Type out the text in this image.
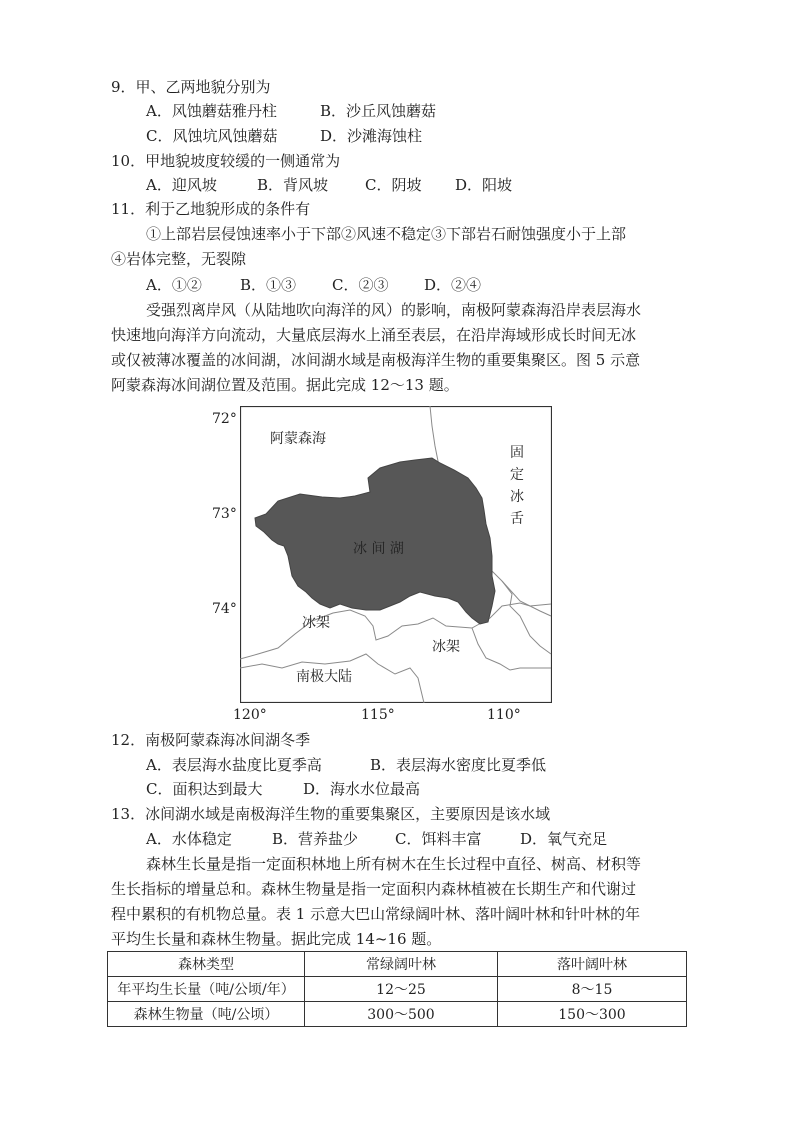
9．甲、乙两地貌分别为
A．风蚀蘑菇雅丹柱	B．沙丘风蚀蘑菇
C．风蚀坑风蚀蘑菇	D．沙滩海蚀柱
10．甲地貌坡度较缓的一侧通常为
A．迎风坡	B．背风坡 C．阴坡 D．阳坡
11．利于乙地貌形成的条件有
①上部岩层侵蚀速率小于下部②风速不稳定③下部岩石耐蚀强度小于上部
④岩体完整，无裂隙
A．①②	B．①③ C．②③ D．②④
受强烈离岸风（从陆地吹向海洋的风）的影响，南极阿蒙森海沿岸表层海水
快速地向海洋方向流动，大量底层海水上涌至表层，在沿岸海域形成长时间无冰
或仅被薄冰覆盖的冰间湖，冰间湖水域是南极海洋生物的重要集聚区。图 5 示意
阿蒙森海冰间湖位置及范围。据此完成 12～13 题。
72°
73°
74°
阿蒙森海
冰 间 湖
固
定
冰
舌
冰架
冰架
南极大陆
120°	115°	110°
12．南极阿蒙森海冰间湖冬季
A．表层海水盐度比夏季高	B．表层海水密度比夏季低
C．面积达到最大	D．海水水位最高
13．冰间湖水域是南极海洋生物的重要集聚区，主要原因是该水域
A．水体稳定	B．营养盐少 C．饵料丰富	D．氧气充足
森林生长量是指一定面积林地上所有树木在生长过程中直径、树高、材积等
生长指标的增量总和。森林生物量是指一定面积内森林植被在长期生产和代谢过
程中累积的有机物总量。表 1 示意大巴山常绿阔叶林、落叶阔叶林和针叶林的年
平均生长量和森林生物量。据此完成 14~16 题。
森林类型	常绿阔叶林	落叶阔叶林
年平均生长量（吨/公顷/年）	12～25	8～15
森林生物量（吨/公顷）	300～500	150～300
